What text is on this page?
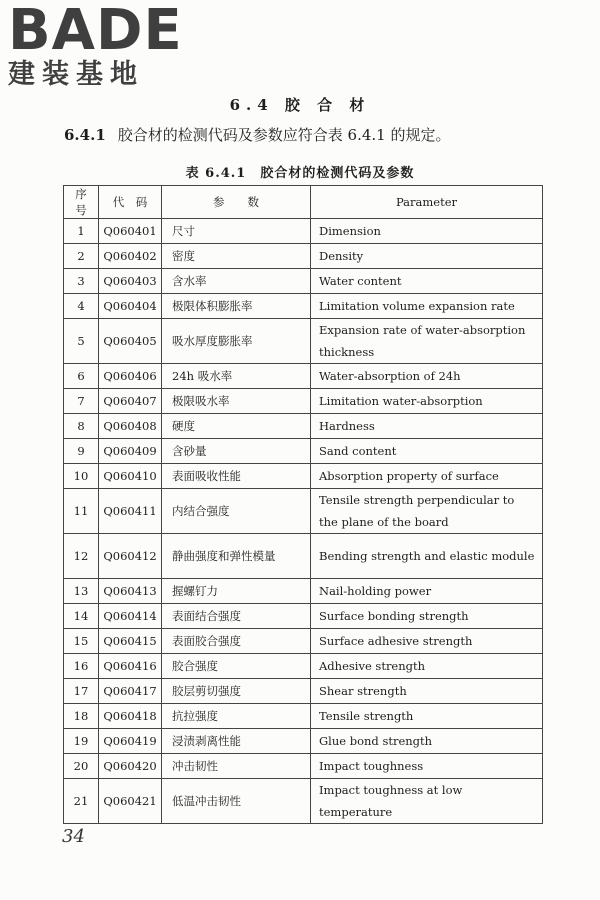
BADE
建装基地
6.4 胶 合 材
6.4.1 胶合材的检测代码及参数应符合表 6.4.1 的规定。
表 6.4.1　胶合材的检测代码及参数
序号	代　码	参　　数	Parameter
1	Q060401	尺寸	Dimension
2	Q060402	密度	Density
3	Q060403	含水率	Water content
4	Q060404	极限体积膨胀率	Limitation volume expansion rate
5	Q060405	吸水厚度膨胀率	Expansion rate of water-absorption thickness
6	Q060406	24h 吸水率	Water-absorption of 24h
7	Q060407	极限吸水率	Limitation water-absorption
8	Q060408	硬度	Hardness
9	Q060409	含砂量	Sand content
10	Q060410	表面吸收性能	Absorption property of surface
11	Q060411	内结合强度	Tensile strength perpendicular to the plane of the board
12	Q060412	静曲强度和弹性模量	Bending strength and elastic module
13	Q060413	握螺钉力	Nail-holding power
14	Q060414	表面结合强度	Surface bonding strength
15	Q060415	表面胶合强度	Surface adhesive strength
16	Q060416	胶合强度	Adhesive strength
17	Q060417	胶层剪切强度	Shear strength
18	Q060418	抗拉强度	Tensile strength
19	Q060419	浸渍剥离性能	Glue bond strength
20	Q060420	冲击韧性	Impact toughness
21	Q060421	低温冲击韧性	Impact toughness at low temperature
34
